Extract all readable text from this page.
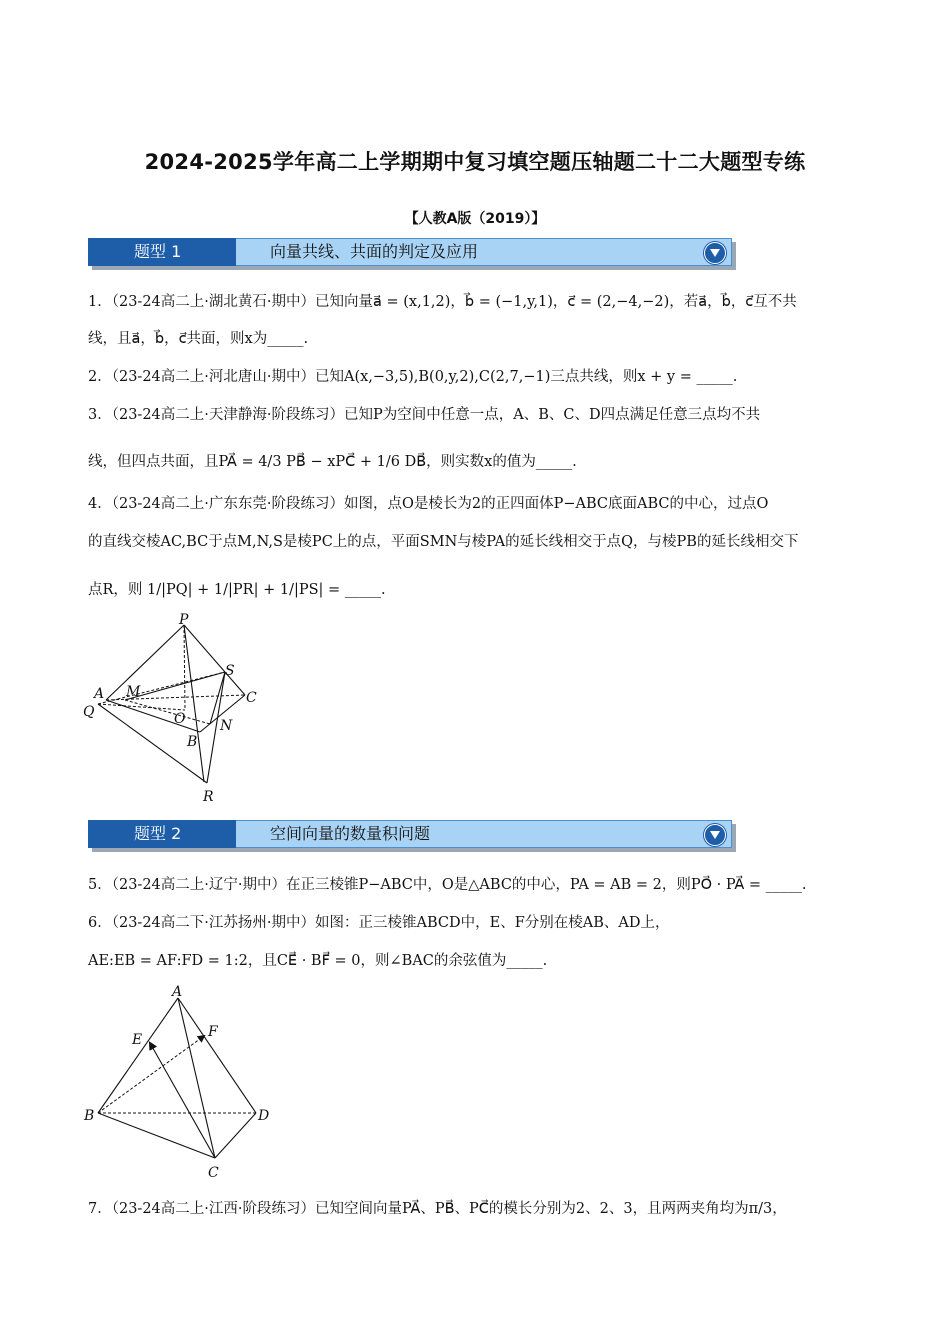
2024-2025学年高二上学期期中复习填空题压轴题二十二大题型专练
【人教A版（2019）】
题型 1	向量共线、共面的判定及应用
1．（23-24高二上·湖北黄石·期中）已知向量a⃗ = (x,1,2)，b⃗ = (−1,y,1)，c⃗ = (2,−4,−2)，若a⃗，b⃗，c⃗互不共
线，且a⃗，b⃗，c⃗共面，则x为_____.
2．（23-24高二上·河北唐山·期中）已知A(x,−3,5),B(0,y,2),C(2,7,−1)三点共线，则x + y = _____.
3．（23-24高二上·天津静海·阶段练习）已知P为空间中任意一点，A、B、C、D四点满足任意三点均不共
线，但四点共面，且PA⃗ = 4/3 PB⃗ − xPC⃗ + 1/6 DB⃗，则实数x的值为_____.
4．（23-24高二上·广东东莞·阶段练习）如图，点O是棱长为2的正四面体P−ABC底面ABC的中心，过点O
的直线交棱AC,BC于点M,N,S是棱PC上的点，平面SMN与棱PA的延长线相交于点Q，与棱PB的延长线相交下
点R，则 1/|PQ| + 1/|PR| + 1/|PS| = _____.
P
S
A M	C
Q	O N
B
R
题型 2	空间向量的数量积问题
5．（23-24高二上·辽宁·期中）在正三棱锥P−ABC中，O是△ABC的中心，PA = AB = 2，则PO⃗ · PA⃗ = _____.
6．（23-24高二下·江苏扬州·期中）如图：正三棱锥ABCD中，E、F分别在棱AB、AD上，
AE:EB = AF:FD = 1:2，且CE⃗ · BF⃗ = 0，则∠BAC的余弦值为_____.
A
E	F
B	D
C
7．（23-24高二上·江西·阶段练习）已知空间向量PA⃗、PB⃗、PC⃗的模长分别为2、2、3，且两两夹角均为π/3，
